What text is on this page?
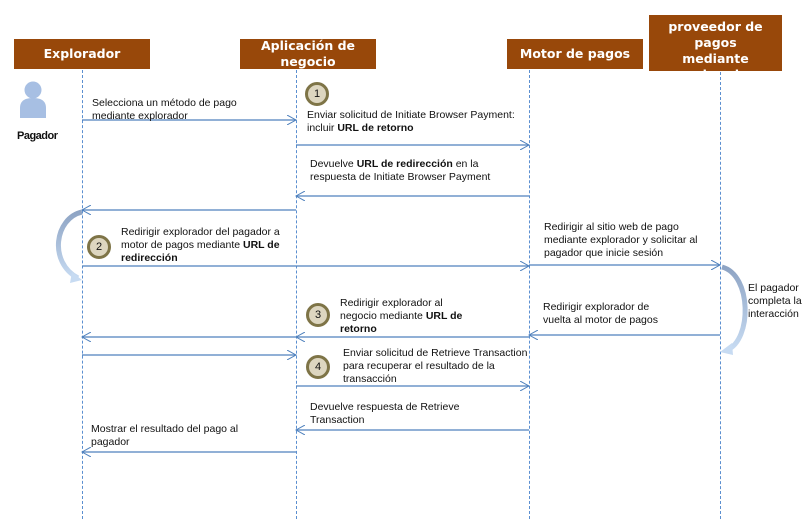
Explorador
Aplicación de
negocio
Motor de pagos
Sitio web de
proveedor de pagos
mediante explorador
Pagador
1
2
3
4
Selecciona un método de pago
mediante explorador	Enviar solicitud de Initiate Browser Payment:
incluir URL de retorno
Devuelve URL de redirección en la
respuesta de Initiate Browser Payment
Redirigir explorador del pagador a
motor de pagos mediante URL de
redirección
Redirigir al sitio web de pago
mediante explorador y solicitar al
pagador que inicie sesión
El pagador
completa la
interacción
Redirigir explorador de
vuelta al motor de pagos
Redirigir explorador al
negocio mediante URL de
retorno
Enviar solicitud de Retrieve Transaction
para recuperar el resultado de la
transacción
Devuelve respuesta de Retrieve
Transaction
Mostrar el resultado del pago al
pagador
